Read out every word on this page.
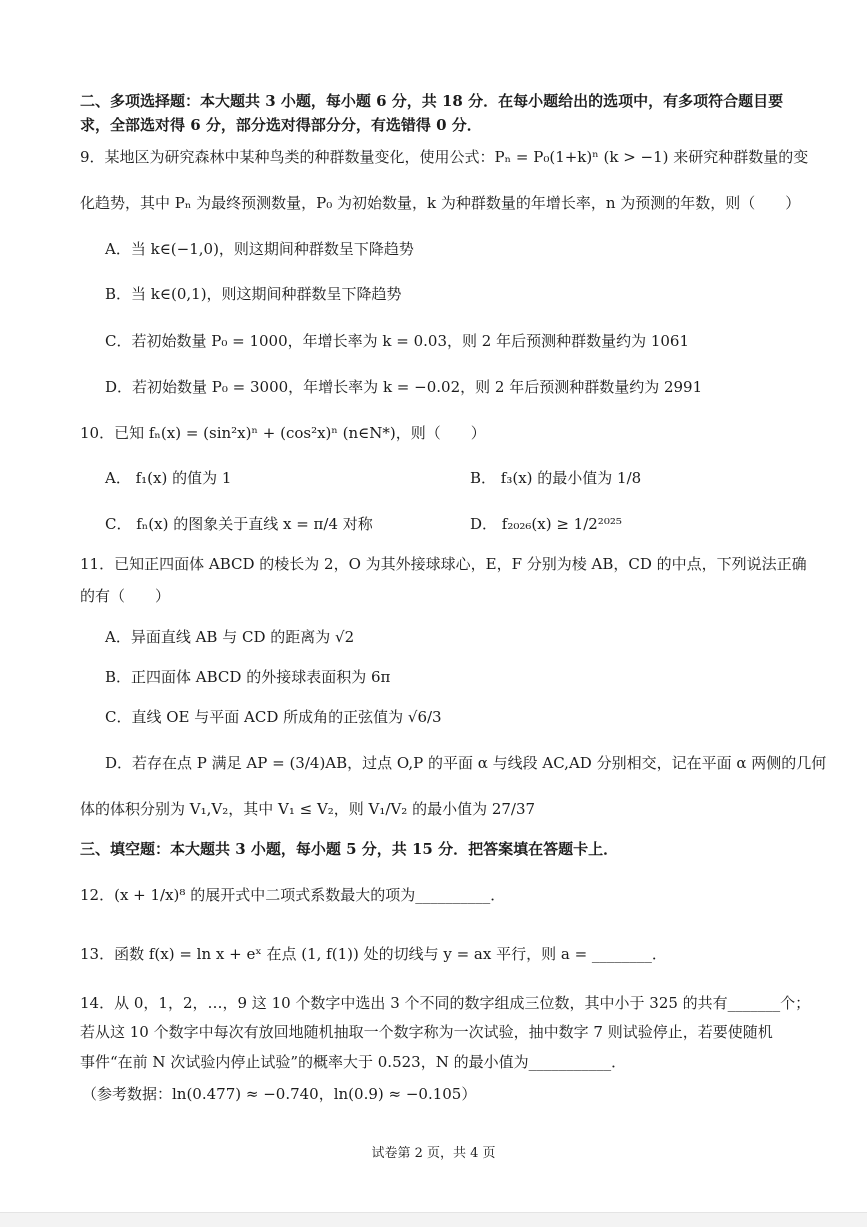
二、多项选择题：本大题共 3 小题，每小题 6 分，共 18 分．在每小题给出的选项中，有多项符合题目要
求，全部选对得 6 分，部分选对得部分分，有选错得 0 分．
9．某地区为研究森林中某种鸟类的种群数量变化，使用公式：Pₙ = P₀(1+k)ⁿ (k > −1) 来研究种群数量的变
化趋势，其中 Pₙ 为最终预测数量，P₀ 为初始数量，k 为种群数量的年增长率，n 为预测的年数，则（　　）
A．当 k∈(−1,0)，则这期间种群数呈下降趋势
B．当 k∈(0,1)，则这期间种群数呈下降趋势
C．若初始数量 P₀ = 1000，年增长率为 k = 0.03，则 2 年后预测种群数量约为 1061
D．若初始数量 P₀ = 3000，年增长率为 k = −0.02，则 2 年后预测种群数量约为 2991
10．已知 fₙ(x) = (sin²x)ⁿ + (cos²x)ⁿ (n∈N*)，则（　　）
A． f₁(x) 的值为 1	B． f₃(x) 的最小值为 1/8
C． fₙ(x) 的图象关于直线 x = π/4 对称	D． f₂₀₂₆(x) ≥ 1/2²⁰²⁵
11．已知正四面体 ABCD 的棱长为 2，O 为其外接球球心，E，F 分别为棱 AB，CD 的中点，下列说法正确
的有（　　）
A．异面直线 AB 与 CD 的距离为 √2
B．正四面体 ABCD 的外接球表面积为 6π
C．直线 OE 与平面 ACD 所成角的正弦值为 √6/3
D．若存在点 P 满足 AP = (3/4)AB，过点 O,P 的平面 α 与线段 AC,AD 分别相交，记在平面 α 两侧的几何
体的体积分别为 V₁,V₂，其中 V₁ ≤ V₂，则 V₁/V₂ 的最小值为 27/37
三、填空题：本大题共 3 小题，每小题 5 分，共 15 分．把答案填在答题卡上．
12．(x + 1/x)⁸ 的展开式中二项式系数最大的项为__________．
13．函数 f(x) = ln x + eˣ 在点 (1, f(1)) 处的切线与 y = ax 平行，则 a = ________．
14．从 0，1，2，…，9 这 10 个数字中选出 3 个不同的数字组成三位数，其中小于 325 的共有_______个；
若从这 10 个数字中每次有放回地随机抽取一个数字称为一次试验，抽中数字 7 则试验停止，若要使随机
事件“在前 N 次试验内停止试验”的概率大于 0.523，N 的最小值为___________．
（参考数据：ln(0.477) ≈ −0.740，ln(0.9) ≈ −0.105）
试卷第 2 页，共 4 页
